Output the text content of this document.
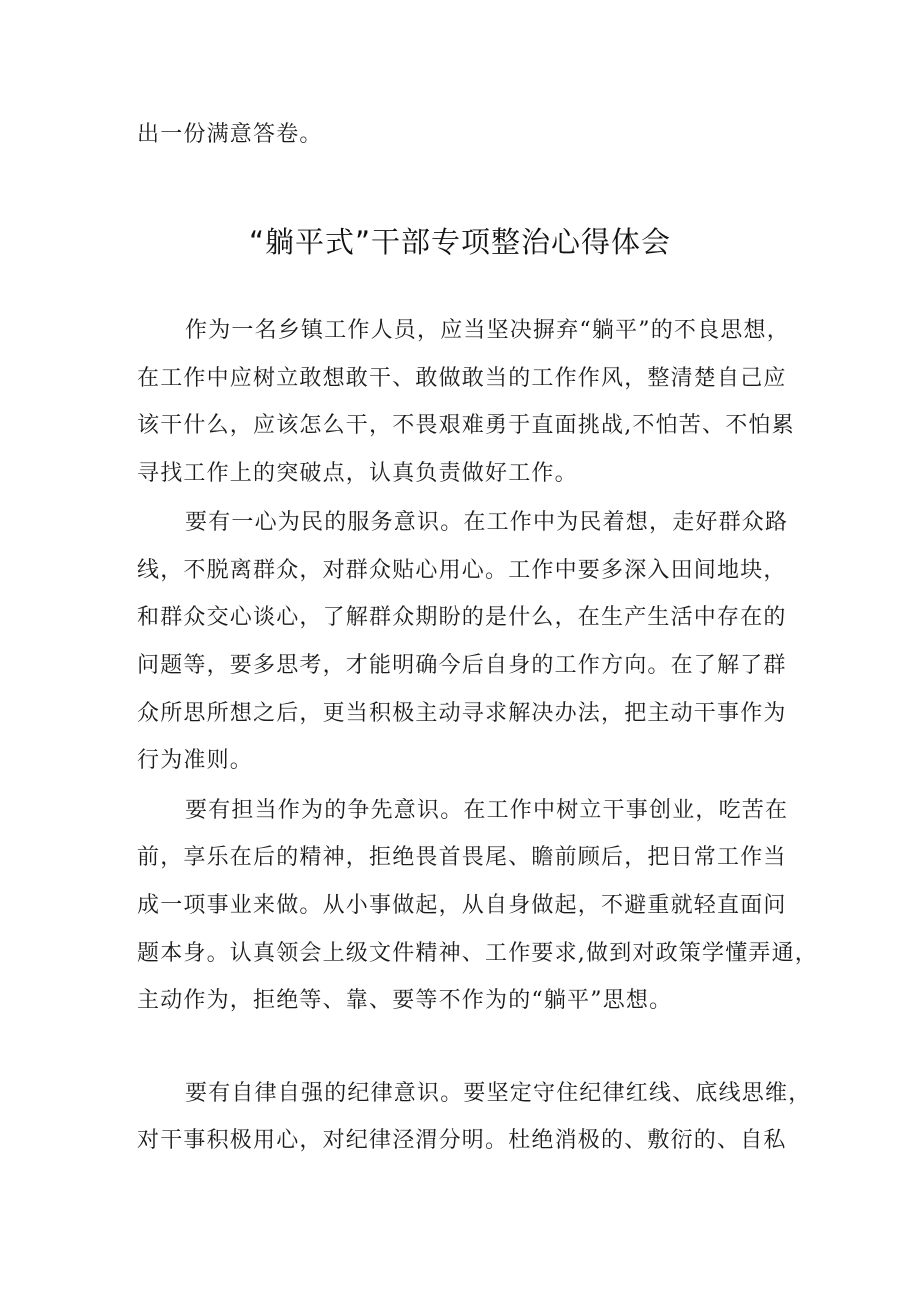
出一份满意答卷。
“躺平式”干部专项整治心得体会
作为一名乡镇工作人员，应当坚决摒弃“躺平”的不良思想，
在工作中应树立敢想敢干、敢做敢当的工作作风，整清楚自己应
该干什么，应该怎么干，不畏艰难勇于直面挑战,不怕苦、不怕累
寻找工作上的突破点，认真负责做好工作。
要有一心为民的服务意识。在工作中为民着想，走好群众路
线，不脱离群众，对群众贴心用心。工作中要多深入田间地块，
和群众交心谈心，了解群众期盼的是什么，在生产生活中存在的
问题等，要多思考，才能明确今后自身的工作方向。在了解了群
众所思所想之后，更当积极主动寻求解决办法，把主动干事作为
行为准则。
要有担当作为的争先意识。在工作中树立干事创业，吃苦在
前，享乐在后的精神，拒绝畏首畏尾、瞻前顾后，把日常工作当
成一项事业来做。从小事做起，从自身做起，不避重就轻直面问
题本身。认真领会上级文件精神、工作要求,做到对政策学懂弄通，
主动作为，拒绝等、靠、要等不作为的“躺平”思想。
要有自律自强的纪律意识。要坚定守住纪律红线、底线思维，
对干事积极用心，对纪律泾渭分明。杜绝消极的、敷衍的、自私
